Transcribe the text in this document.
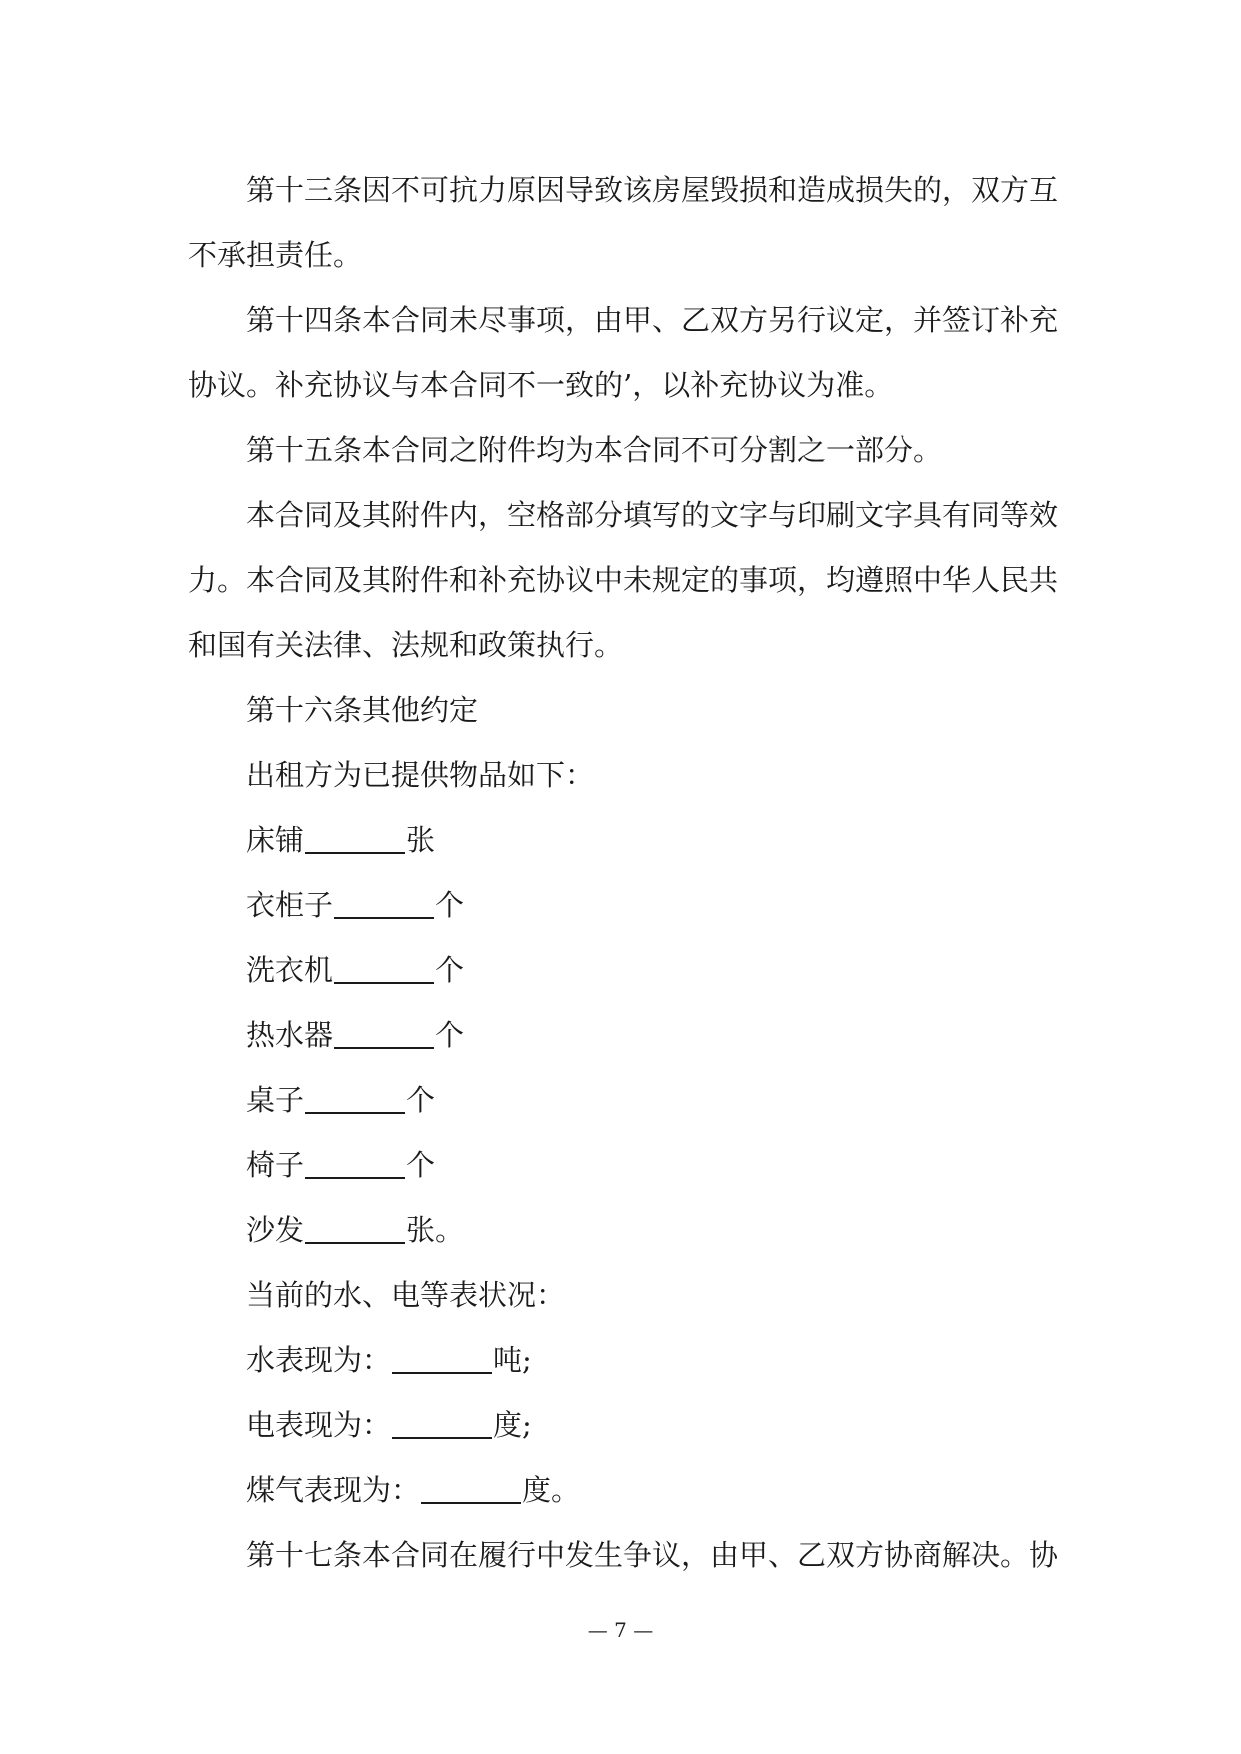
第十三条因不可抗力原因导致该房屋毁损和造成损失的，双方互
不承担责任。
第十四条本合同未尽事项，由甲、乙双方另行议定，并签订补充
协议。补充协议与本合同不一致的’，以补充协议为准。
第十五条本合同之附件均为本合同不可分割之一部分。
本合同及其附件内，空格部分填写的文字与印刷文字具有同等效
力。本合同及其附件和补充协议中未规定的事项，均遵照中华人民共
和国有关法律、法规和政策执行。
第十六条其他约定
出租方为已提供物品如下：
床铺	张
衣柜子	个
洗衣机	个
热水器	个
桌子	个
椅子	个
沙发	张。
当前的水、电等表状况：
水表现为：	吨;
电表现为：	度;
煤气表现为：	度。
第十七条本合同在履行中发生争议，由甲、乙双方协商解决。协
— 7 —
